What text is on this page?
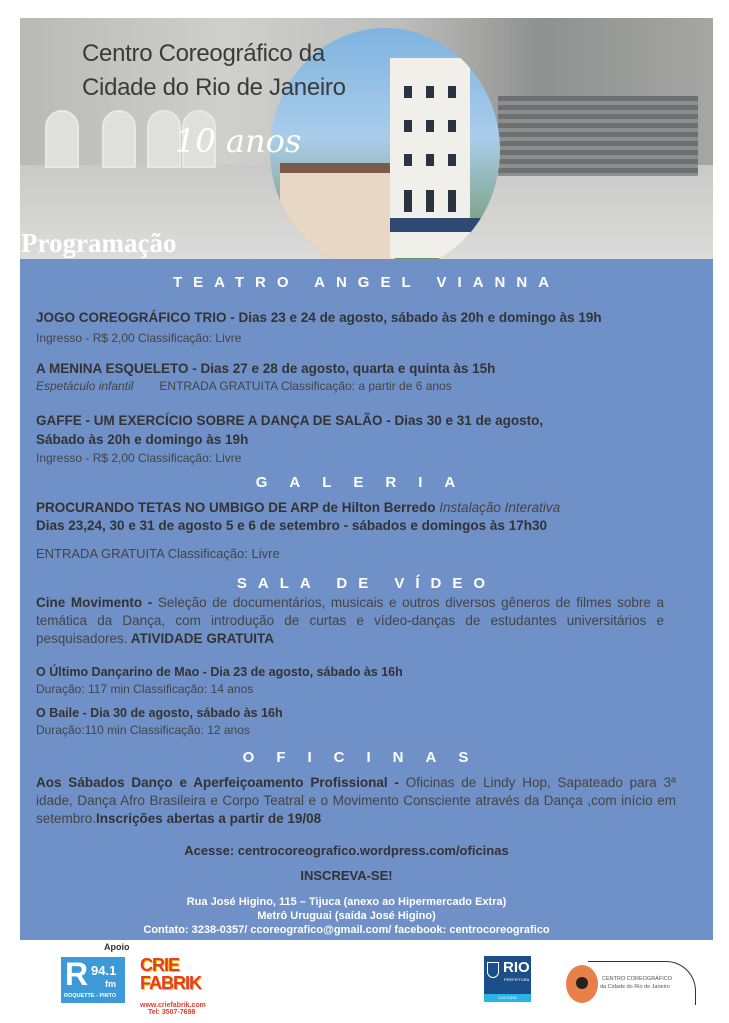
Centro Coreográfico da
Cidade do Rio de Janeiro
10 anos
Programação
TEATRO ANGEL VIANNA
JOGO COREOGRÁFICO TRIO - Dias 23 e 24 de agosto, sábado às 20h e domingo às 19h
Ingresso - R$ 2,00 Classificação: Livre
A MENINA ESQUELETO - Dias 27 e 28 de agosto, quarta e quinta às 15h
Espetáculo infantil ENTRADA GRATUITA Classificação: a partir de 6 anos
GAFFE - UM EXERCÍCIO SOBRE A DANÇA DE SALÃO - Dias 30 e 31 de agosto,
Sábado às 20h e domingo às 19h
Ingresso - R$ 2,00 Classificação: Livre
GALERIA
PROCURANDO TETAS NO UMBIGO DE ARP de Hilton Berredo Instalação Interativa
Dias 23,24, 30 e 31 de agosto 5 e 6 de setembro - sábados e domingos às 17h30
ENTRADA GRATUITA Classificação: Livre
SALA DE VÍDEO
Cine Movimento - Seleção de documentários, musicais e outros diversos gêneros de filmes sobre a temática da Dança, com introdução de curtas e vídeo-danças de estudantes universitários e pesquisadores. ATIVIDADE GRATUITA
O Último Dançarino de Mao - Dia 23 de agosto, sábado às 16h
Duração: 117 min Classificação: 14 anos
O Baile - Dia 30 de agosto, sábado às 16h
Duração:110 min Classificação: 12 anos
OFICINAS
Aos Sábados Danço e Aperfeiçoamento Profissional - Oficinas de Lindy Hop, Sapateado para 3ª idade, Dança Afro Brasileira e Corpo Teatral e o Movimento Consciente através da Dança ,com início em setembro.Inscrições abertas a partir de 19/08
Acesse: centrocoreografico.wordpress.com/oficinas
INSCREVA-SE!
Rua José Higino, 115 – Tijuca (anexo ao Hipermercado Extra)
Metrô Uruguai (saída José Higino)
Contato: 3238-0357/ ccoreografico@gmail.com/ facebook: centrocoreografico
Apoio
R 94.1
fm
ROQUETTE - PINTO
CRIE FABRIK
www.criefabrik.com
Tel: 3507-7698
RIO
PREFEITURA
CULTURA
CENTRO COREOGRÁFICO
da Cidade do Rio de Janeiro
